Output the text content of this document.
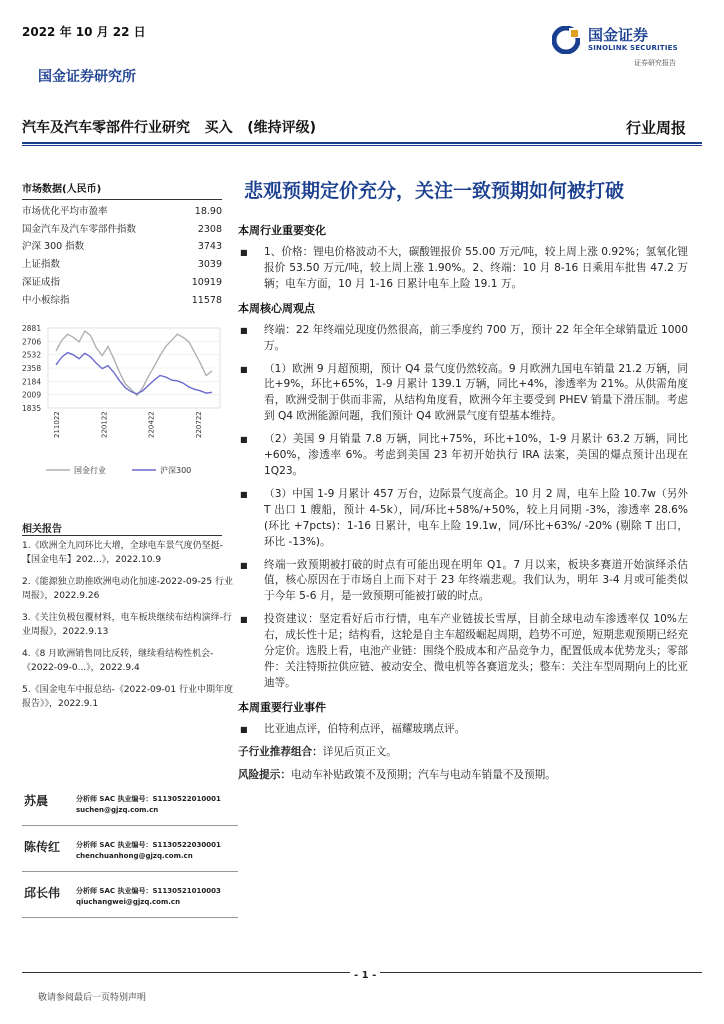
2022 年 10 月 22 日	国金证券
SINOLINK SECURITIES
证券研究报告
国金证券研究所
汽车及汽车零部件行业研究   买入   (维持评级)	行业周报
市场数据(人民币)
市场优化平均市盈率	18.90
国金汽车及汽车零部件指数	2308
沪深 300 指数	3743
上证指数	3039
深证成指	10919
中小板综指	11578
2881
2706
2532
2358
2184
2009
1835
211022	220122	220422	220722
国金行业	沪深300
相关报告
1.《欧洲全九同环比大增，全球电车景气度仍坚挺-【国金电车】202...》，2022.10.9
2.《能源独立助推欧洲电动化加速-2022-09-25 行业周报》，2022.9.26
3.《关注负极包覆材料，电车板块继续布结构演绎-行业周报》，2022.9.13
4.《8 月欧洲销售同比反转，继续看结构性机会-《2022-09-0...》，2022.9.4
5.《国金电车中报总结-《2022-09-01 行业中期年度报告》》，2022.9.1
苏晨	分析师 SAC 执业编号：S1130522010001
suchen@gjzq.com.cn
陈传红 分析师 SAC 执业编号：S1130522030001
chenchuanhong@gjzq.com.cn
邱长伟 分析师 SAC 执业编号：S1130521010003
qiuchangwei@gjzq.com.cn
悲观预期定价充分，关注一致预期如何被打破
本周行业重要变化
■	1、价格：锂电价格波动不大，碳酸锂报价 55.00 万元/吨，较上周上涨 0.92%；氢氧化锂报价 53.50 万元/吨，较上周上涨 1.90%。2、终端：10 月 8-16 日乘用车批售 47.2 万辆；电车方面，10 月 1-16 日累计电车上险 19.1 万。
本周核心周观点
■	终端：22 年终端兑现度仍然很高，前三季度约 700 万，预计 22 年全年全球销量近 1000 万。
■	（1）欧洲 9 月超预期，预计 Q4 景气度仍然较高。9 月欧洲九国电车销量 21.2 万辆，同比+9%，环比+65%，1-9 月累计 139.1 万辆，同比+4%，渗透率为 21%。从供需角度看，欧洲受制于供而非需，从结构角度看，欧洲今年主要受到 PHEV 销量下滑压制。考虑到 Q4 欧洲能源问题，我们预计 Q4 欧洲景气度有望基本维持。
■	（2）美国 9 月销量 7.8 万辆，同比+75%，环比+10%，1-9 月累计 63.2 万辆，同比+60%，渗透率 6%。考虑到美国 23 年初开始执行 IRA 法案，美国的爆点预计出现在 1Q23。
■	（3）中国 1-9 月累计 457 万台，边际景气度高企。10 月 2 周，电车上险 10.7w（另外 T 出口 1 艘船，预计 4-5k），同/环比+58%/+50%，较上月同期 -3%，渗透率 28.6% (环比 +7pcts)：1-16 日累计，电车上险 19.1w，同/环比+63%/ -20% (剔除 T 出口，环比 -13%)。
■	终端一致预期被打破的时点有可能出现在明年 Q1。7 月以来，板块多赛道开始演绎杀估值，核心原因在于市场自上而下对于 23 年终端悲观。我们认为，明年 3-4 月或可能类似于今年 5-6 月，是一致预期可能被打破的时点。
■	投资建议：坚定看好后市行情，电车产业链拔长雪厚，目前全球电动车渗透率仅 10%左右，成长性十足；结构看，这轮是自主车超级崛起周期，趋势不可逆，短期悲观预期已经充分定价。选股上看，电池产业链：围绕个股成本和产品竞争力，配置低成本优势龙头；零部件：关注特斯拉供应链、被动安全、微电机等各赛道龙头；整车：关注车型周期向上的比亚迪等。
本周重要行业事件
■	比亚迪点评，伯特利点评，福耀玻璃点评。
子行业推荐组合：详见后页正文。
风险提示：电动车补贴政策不及预期；汽车与电动车销量不及预期。
- 1 -
敬请参阅最后一页特别声明
